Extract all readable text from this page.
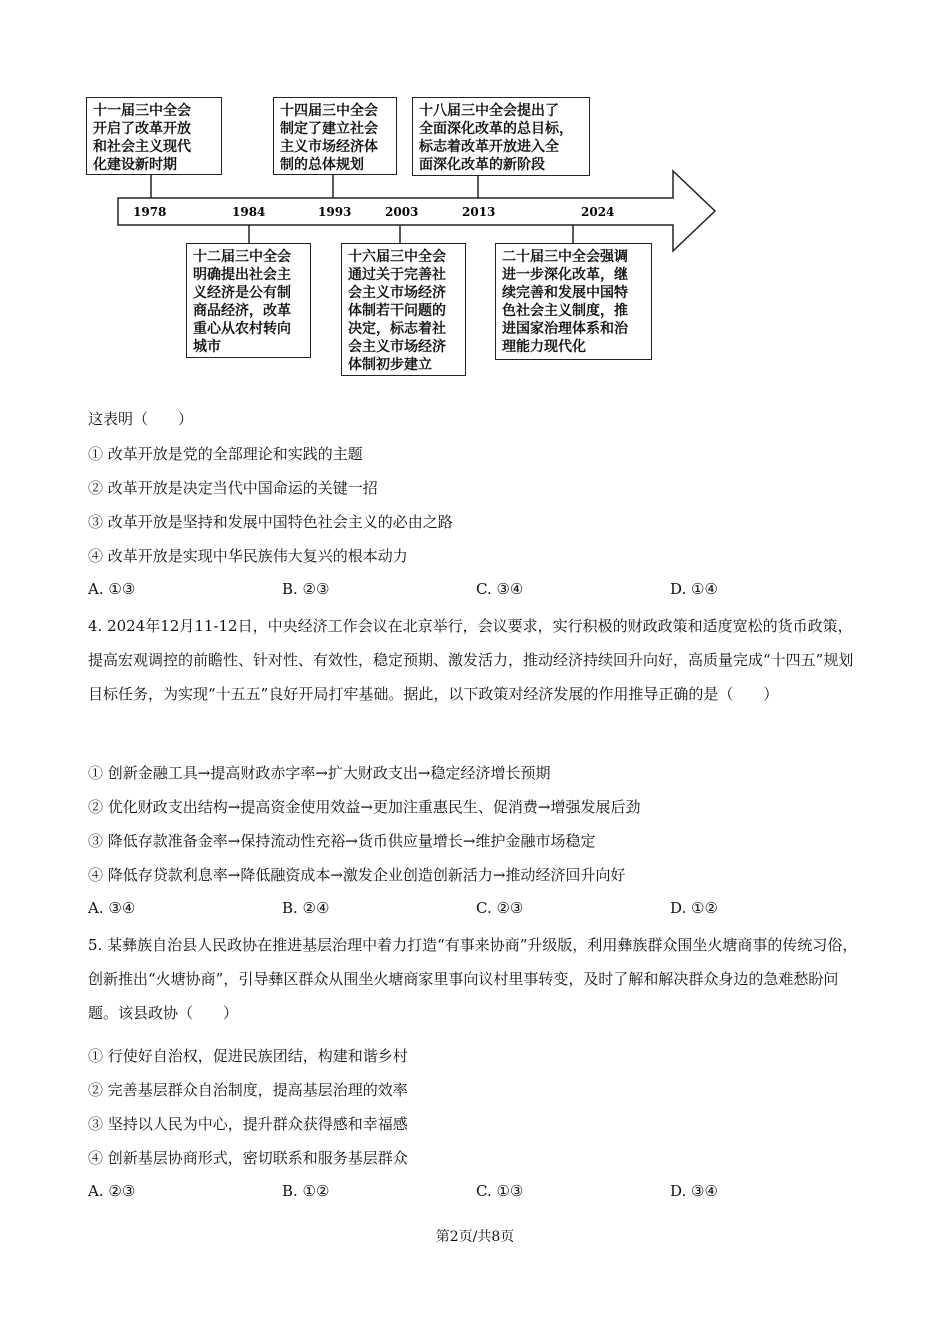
1978	1984	1993	2003	2013	2024
十一届三中全会
开启了改革开放
和社会主义现代
化建设新时期
十四届三中全会
制定了建立社会
主义市场经济体
制的总体规划
十八届三中全会提出了
全面深化改革的总目标，
标志着改革开放进入全
面深化改革的新阶段
十二届三中全会
明确提出社会主
义经济是公有制
商品经济，改革
重心从农村转向
城市
十六届三中全会
通过关于完善社
会主义市场经济
体制若干问题的
决定，标志着社
会主义市场经济
体制初步建立
二十届三中全会强调
进一步深化改革，继
续完善和发展中国特
色社会主义制度，推
进国家治理体系和治
理能力现代化
这表明（　　）
① 改革开放是党的全部理论和实践的主题
② 改革开放是决定当代中国命运的关键一招
③ 改革开放是坚持和发展中国特色社会主义的必由之路
④ 改革开放是实现中华民族伟大复兴的根本动力
A. ①③	B. ②③	C. ③④	D. ①④
4. 2024年12月11-12日，中央经济工作会议在北京举行，会议要求，实行积极的财政政策和适度宽松的货币政策，提高宏观调控的前瞻性、针对性、有效性，稳定预期、激发活力，推动经济持续回升向好，高质量完成“十四五”规划目标任务，为实现“十五五”良好开局打牢基础。据此，以下政策对经济发展的作用推导正确的是（　　）
① 创新金融工具→提高财政赤字率→扩大财政支出→稳定经济增长预期
② 优化财政支出结构→提高资金使用效益→更加注重惠民生、促消费→增强发展后劲
③ 降低存款准备金率→保持流动性充裕→货币供应量增长→维护金融市场稳定
④ 降低存贷款利息率→降低融资成本→激发企业创造创新活力→推动经济回升向好
A. ③④	B. ②④	C. ②③	D. ①②
5. 某彝族自治县人民政协在推进基层治理中着力打造“有事来协商”升级版，利用彝族群众围坐火塘商事的传统习俗，创新推出“火塘协商”，引导彝区群众从围坐火塘商家里事向议村里事转变，及时了解和解决群众身边的急难愁盼问题。该县政协（　　）
① 行使好自治权，促进民族团结，构建和谐乡村
② 完善基层群众自治制度，提高基层治理的效率
③ 坚持以人民为中心，提升群众获得感和幸福感
④ 创新基层协商形式，密切联系和服务基层群众
A. ②③	B. ①②	C. ①③	D. ③④
第2页/共8页
